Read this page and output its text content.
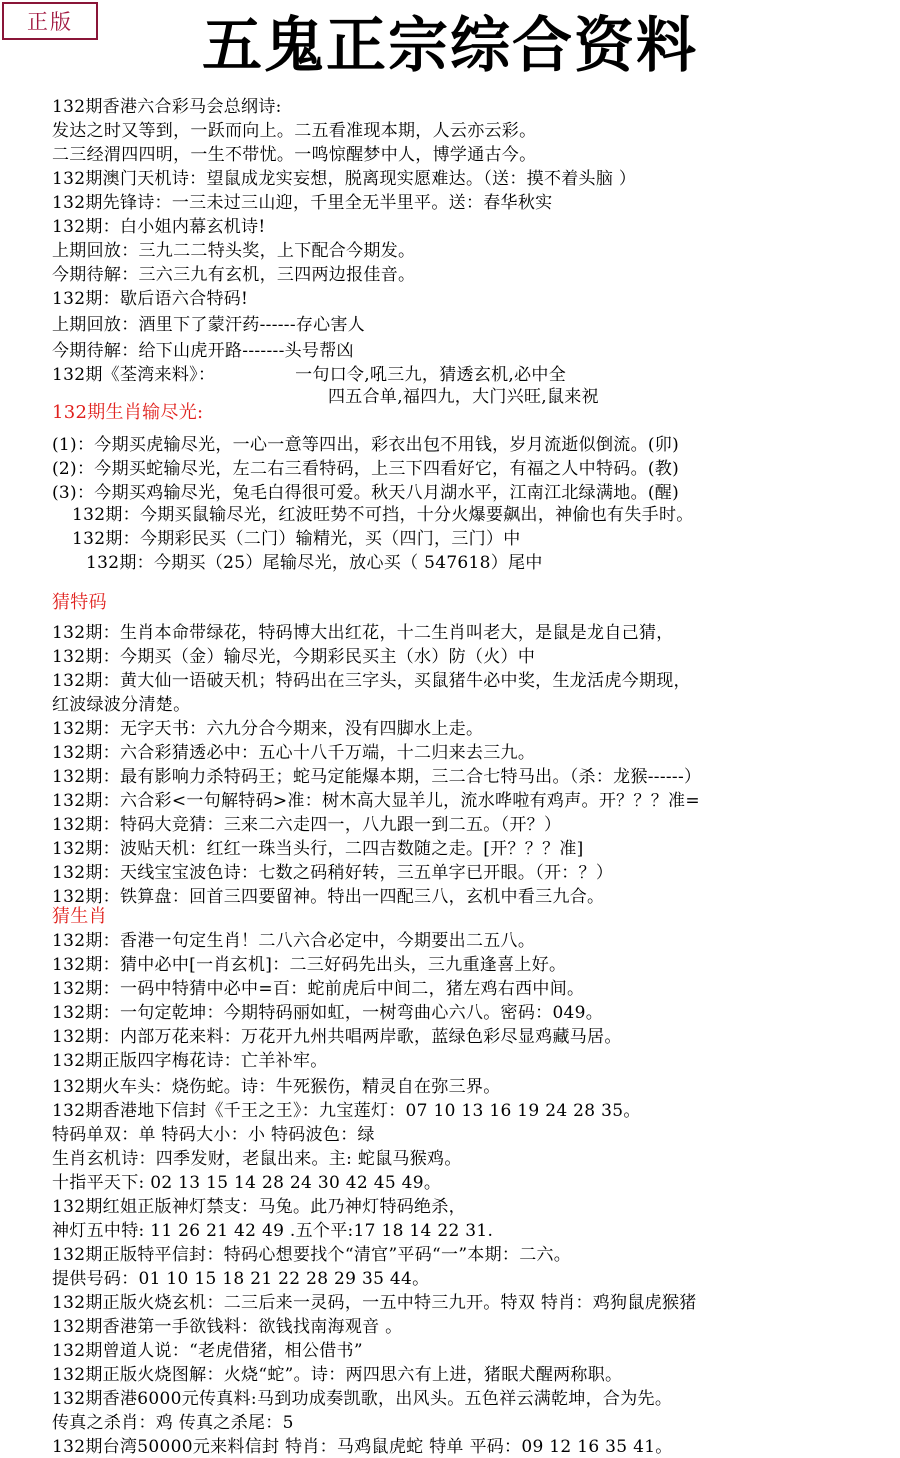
正版	五鬼正宗综合资料
132期香港六合彩马会总纲诗:
发达之时又等到，一跃而向上。二五看准现本期，人云亦云彩。
二三经渭四四明，一生不带忧。一鸣惊醒梦中人，博学通古今。
132期澳门天机诗：望鼠成龙实妄想，脱离现实愿难达。（送：摸不着头脑 ）
132期先锋诗：一三未过三山迎，千里全无半里平。送：春华秋实
132期：白小姐内幕玄机诗!
上期回放：三九二二特头奖，上下配合今期发。
今期待解：三六三九有玄机，三四两边报佳音。
132期：歇后语六合特码!
上期回放：酒里下了蒙汗药------存心害人
今期待解：给下山虎开路-------头号帮凶
132期《荃湾来料》：              一句口令,吼三九，猜透玄机,必中全
四五合单,福四九，大门兴旺,鼠来祝
132期生肖输尽光:
(1)：今期买虎输尽光，一心一意等四出，彩衣出包不用钱，岁月流逝似倒流。(卯)
(2)：今期买蛇输尽光，左二右三看特码，上三下四看好它，有福之人中特码。(教)
(3)：今期买鸡输尽光，兔毛白得很可爱。秋天八月湖水平，江南江北绿满地。(醒)
132期：今期买鼠输尽光，红波旺势不可挡，十分火爆要飙出，神偷也有失手时。
132期：今期彩民买（二门）输精光，买（四门，三门）中
132期：今期买（25）尾输尽光，放心买（ 547618）尾中
猜特码
132期：生肖本命带绿花，特码博大出红花，十二生肖叫老大，是鼠是龙自己猜，
132期：今期买（金）输尽光，今期彩民买主（水）防（火）中
132期：黄大仙一语破天机；特码出在三字头，买鼠猪牛必中奖，生龙活虎今期现，
红波绿波分清楚。
132期：无字天书：六九分合今期来，没有四脚水上走。
132期：六合彩猜透必中：五心十八千万端，十二归来去三九。
132期：最有影响力杀特码王；蛇马定能爆本期，三二合七特马出。（杀：龙猴------）
132期：六合彩<一句解特码>准：树木高大显羊儿，流水哗啦有鸡声。开？？？准=
132期：特码大竞猜：三来二六走四一，八九跟一到二五。（开？）
132期：波贴天机：红红一珠当头行，二四吉数随之走。[开？？？准]
132期：天线宝宝波色诗：七数之码稍好转，三五单字已开眼。（开：？）
132期：铁算盘：回首三四要留神。特出一四配三八，玄机中看三九合。
猜生肖
132期：香港一句定生肖！二八六合必定中，今期要出二五八。
132期：猜中必中[一肖玄机]：二三好码先出头，三九重逢喜上好。
132期：一码中特猜中必中=百：蛇前虎后中间二，猪左鸡右西中间。
132期：一句定乾坤：今期特码丽如虹，一树弯曲心六八。密码：049。
132期：内部万花来料：万花开九州共唱两岸歌，蓝绿色彩尽显鸡藏马居。
132期正版四字梅花诗：亡羊补牢。
132期火车头：烧伤蛇。诗：牛死猴伤，精灵自在弥三界。
132期香港地下信封《千王之王》：九宝莲灯：07 10 13 16 19 24 28 35。
特码单双：单 特码大小：小 特码波色：绿
生肖玄机诗：四季发财，老鼠出来。主: 蛇鼠马猴鸡。
十指平天下: 02 13 15 14 28 24 30 42 45 49。
132期红姐正版神灯禁支：马兔。此乃神灯特码绝杀，
神灯五中特: 11 26 21 42 49 .五个平:17 18 14 22 31.
132期正版特平信封：特码心想要找个“清官”平码“一”本期：二六。
提供号码：01 10 15 18 21 22 28 29 35 44。
132期正版火烧玄机：二三后来一灵码，一五中特三九开。特双 特肖：鸡狗鼠虎猴猪
132期香港第一手欲钱料：欲钱找南海观音 。
132期曾道人说：“老虎借猪，相公借书”
132期正版火烧图解：火烧“蛇”。诗：两四思六有上进，猪眠犬醒两称职。
132期香港6000元传真料:马到功成奏凯歌，出风头。五色祥云满乾坤，合为先。
传真之杀肖：鸡 传真之杀尾：5
132期台湾50000元来料信封 特肖：马鸡鼠虎蛇 特单 平码：09 12 16 35 41。
